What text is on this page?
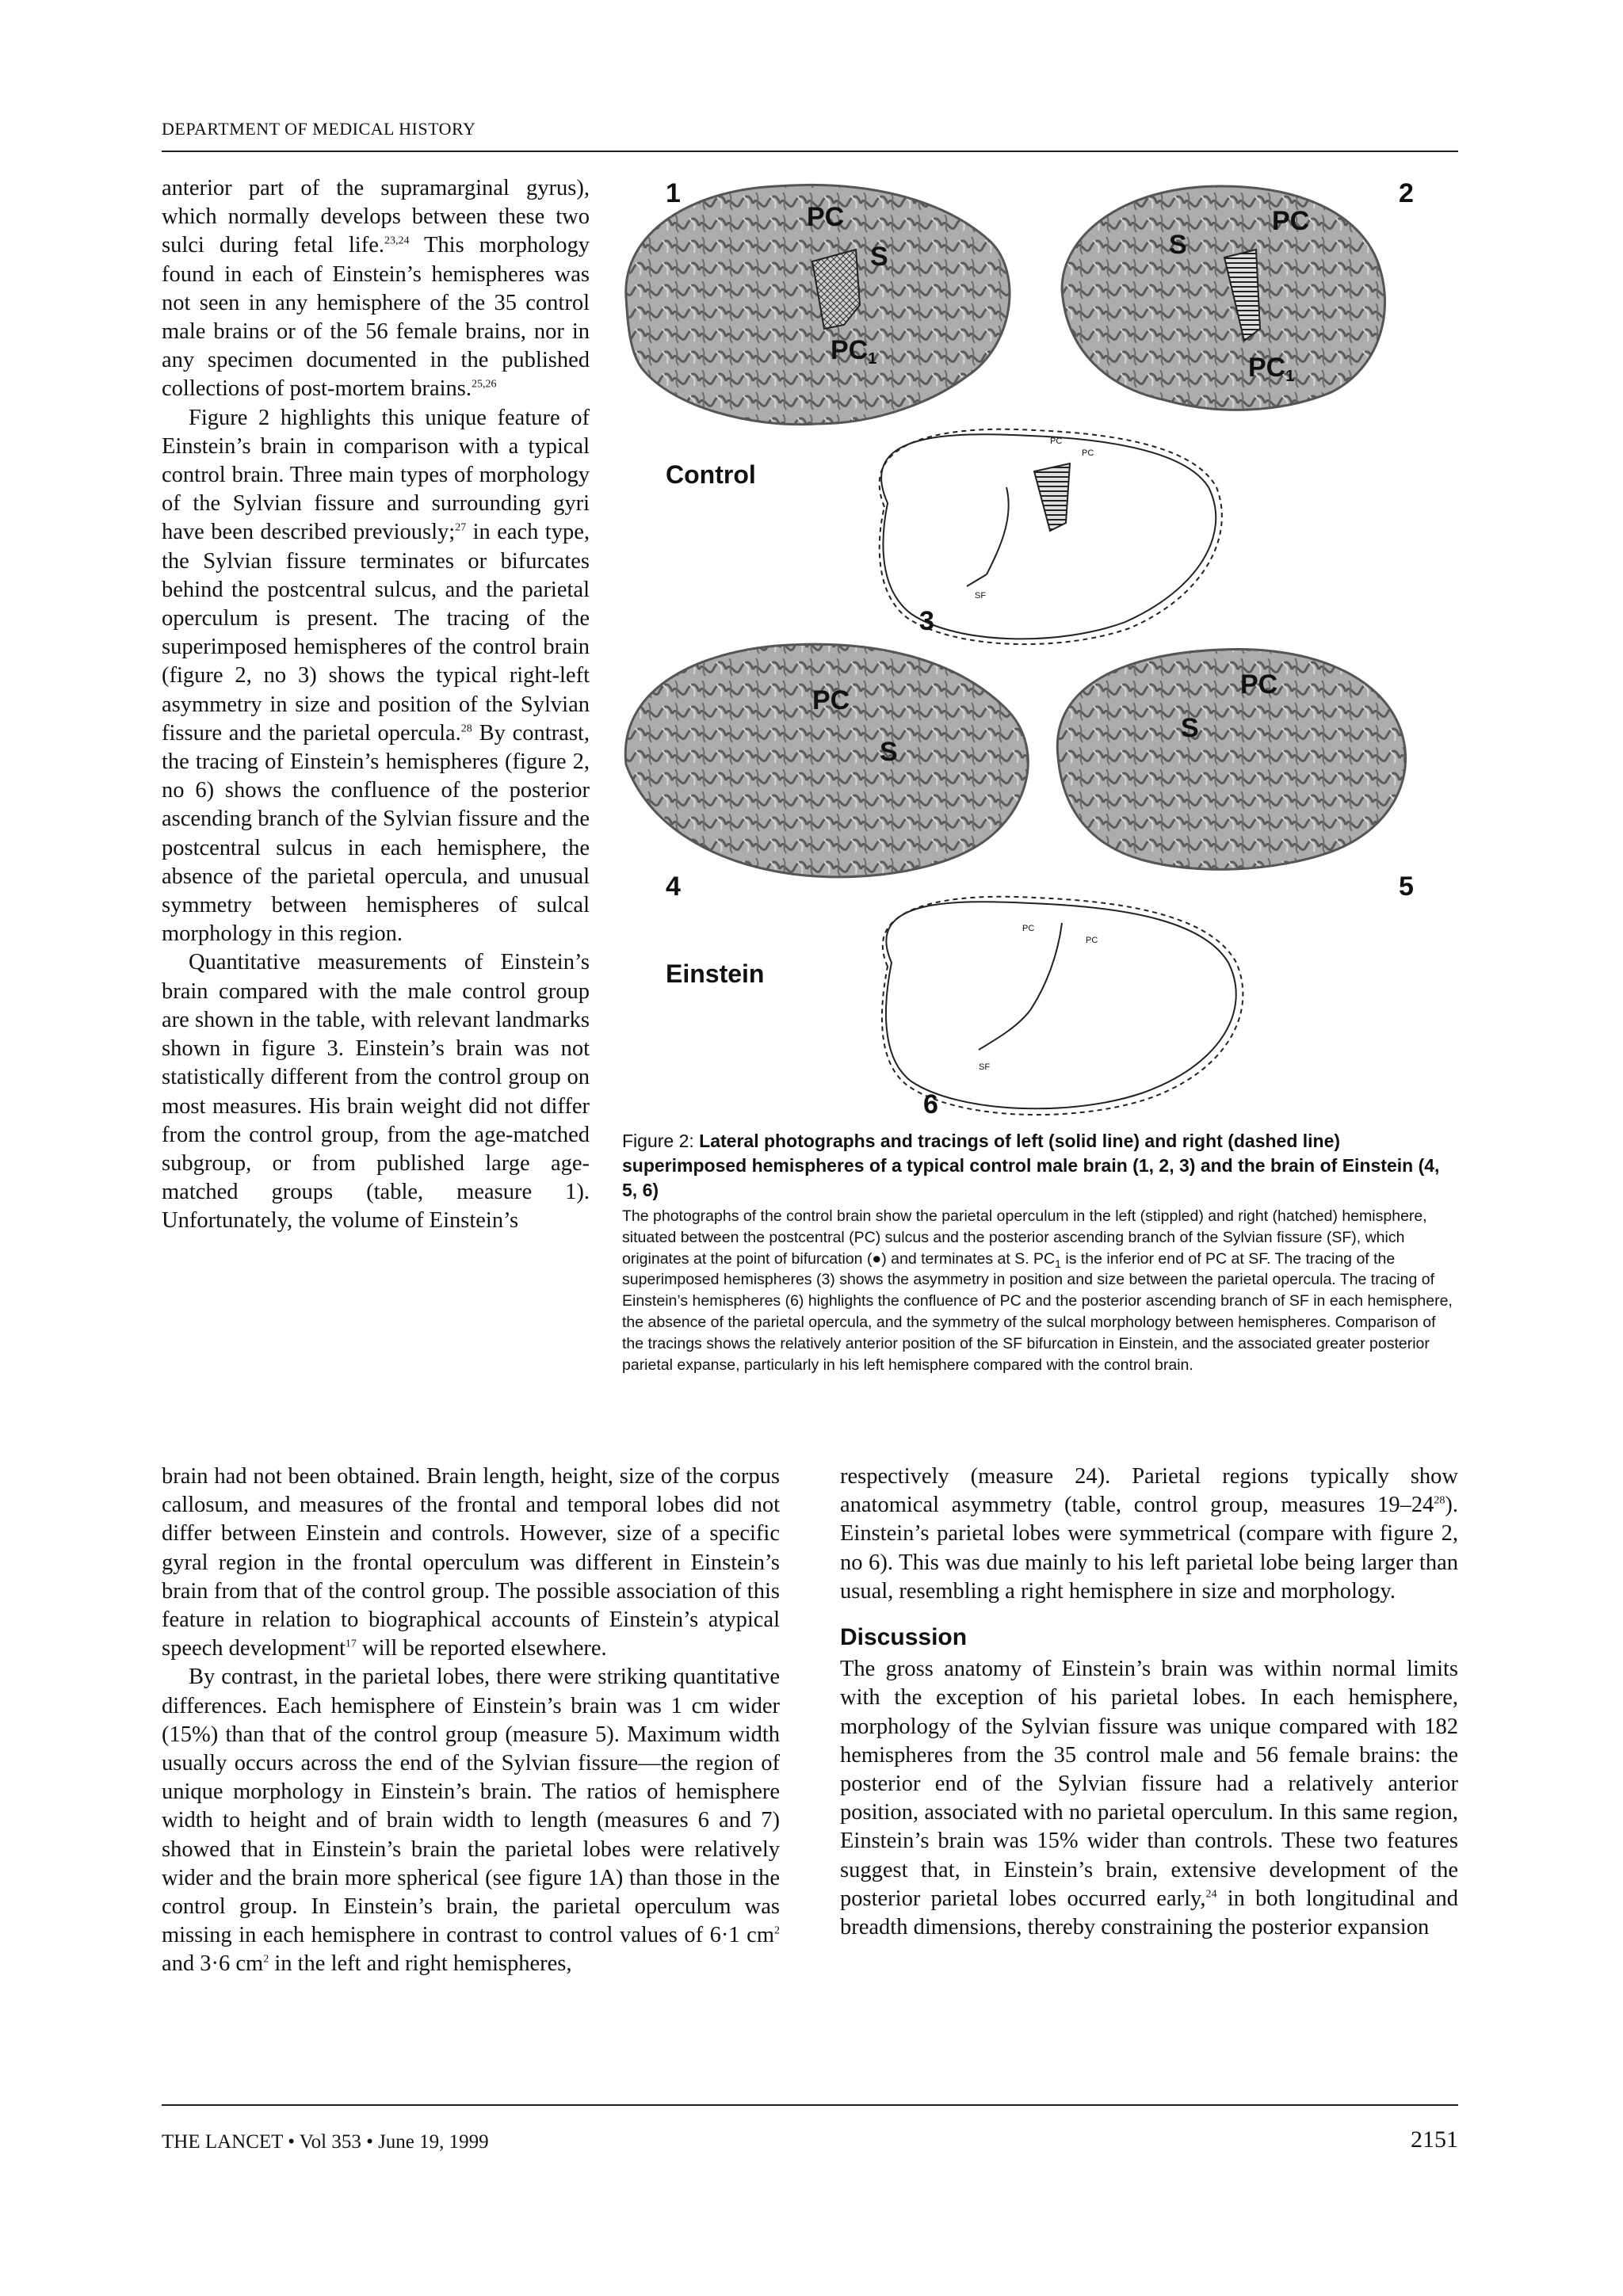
DEPARTMENT OF MEDICAL HISTORY

anterior part of the supramarginal gyrus), which normally develops between these two sulci during fetal life.$^{23,24}$ This morphology found in each of Einstein’s hemispheres was not seen in any hemisphere of the 35 control male brains or of the 56 female brains, nor in any specimen documented in the published collections of post-mortem brains.$^{25,26}$

Figure 2 highlights this unique feature of Einstein’s brain in comparison with a typical control brain. Three main types of morphology of the Sylvian fissure and surrounding gyri have been described previously;$^{27}$ in each type, the Sylvian fissure terminates or bifurcates behind the postcentral sulcus, and the parietal operculum is present. The tracing of the superimposed hemispheres of the control brain (figure 2, no 3) shows the typical right-left asymmetry in size and position of the Sylvian fissure and the parietal opercula.$^{28}$ By contrast, the tracing of Einstein’s hemispheres (figure 2, no 6) shows the confluence of the posterior ascending branch of the Sylvian fissure and the postcentral sulcus in each hemisphere, the absence of the parietal opercula, and unusual symmetry between hemispheres of sulcal morphology in this region.

Quantitative measurements of Einstein’s brain compared with the male control group are shown in the table, with relevant landmarks shown in figure 3. Einstein’s brain was not statistically different from the control group on most measures. His brain weight did not differ from the control group, from the age-matched subgroup, or from published large age-matched groups (table, measure 1). Unfortunately, the volume of Einstein’s

1
PC
S
PC1
2
PC
S
PC1
Control
PC
PC
SF
3
PC
S
4
PC
S
5
Einstein
PC
PC
SF
6
Figure 2: Lateral photographs and tracings of left (solid line) and right (dashed line) superimposed hemispheres of a typical control male brain (1, 2, 3) and the brain of Einstein (4, 5, 6)
The photographs of the control brain show the parietal operculum in the left (stippled) and right (hatched) hemisphere, situated between the postcentral (PC) sulcus and the posterior ascending branch of the Sylvian fissure (SF), which originates at the point of bifurcation (●) and terminates at S. $PC_1$ is the inferior end of PC at SF. The tracing of the superimposed hemispheres (3) shows the asymmetry in position and size between the parietal opercula. The tracing of Einstein’s hemispheres (6) highlights the confluence of PC and the posterior ascending branch of SF in each hemisphere, the absence of the parietal opercula, and the symmetry of the sulcal morphology between hemispheres. Comparison of the tracings shows the relatively anterior position of the SF bifurcation in Einstein, and the associated greater posterior parietal expanse, particularly in his left hemisphere compared with the control brain.

brain had not been obtained. Brain length, height, size of the corpus callosum, and measures of the frontal and temporal lobes did not differ between Einstein and controls. However, size of a specific gyral region in the frontal operculum was different in Einstein’s brain from that of the control group. The possible association of this feature in relation to biographical accounts of Einstein’s atypical speech development$^{17}$ will be reported elsewhere.

By contrast, in the parietal lobes, there were striking quantitative differences. Each hemisphere of Einstein’s brain was 1 cm wider (15%) than that of the control group (measure 5). Maximum width usually occurs across the end of the Sylvian fissure—the region of unique morphology in Einstein’s brain. The ratios of hemisphere width to height and of brain width to length (measures 6 and 7) showed that in Einstein’s brain the parietal lobes were relatively wider and the brain more spherical (see figure 1A) than those in the control group. In Einstein’s brain, the parietal operculum was missing in each hemisphere in contrast to control values of 6·1 $cm^2$ and 3·6 $cm^2$ in the left and right hemispheres,

respectively (measure 24). Parietal regions typically show anatomical asymmetry (table, control group, measures $19-24^{28}$). Einstein’s parietal lobes were symmetrical (compare with figure 2, no 6). This was due mainly to his left parietal lobe being larger than usual, resembling a right hemisphere in size and morphology.

Discussion

The gross anatomy of Einstein’s brain was within normal limits with the exception of his parietal lobes. In each hemisphere, morphology of the Sylvian fissure was unique compared with 182 hemispheres from the 35 control male and 56 female brains: the posterior end of the Sylvian fissure had a relatively anterior position, associated with no parietal operculum. In this same region, Einstein’s brain was 15% wider than controls. These two features suggest that, in Einstein’s brain, extensive development of the posterior parietal lobes occurred early,$^{24}$ in both longitudinal and breadth dimensions, thereby constraining the posterior expansion

THE LANCET • Vol 353 • June 19, 1999	2151
